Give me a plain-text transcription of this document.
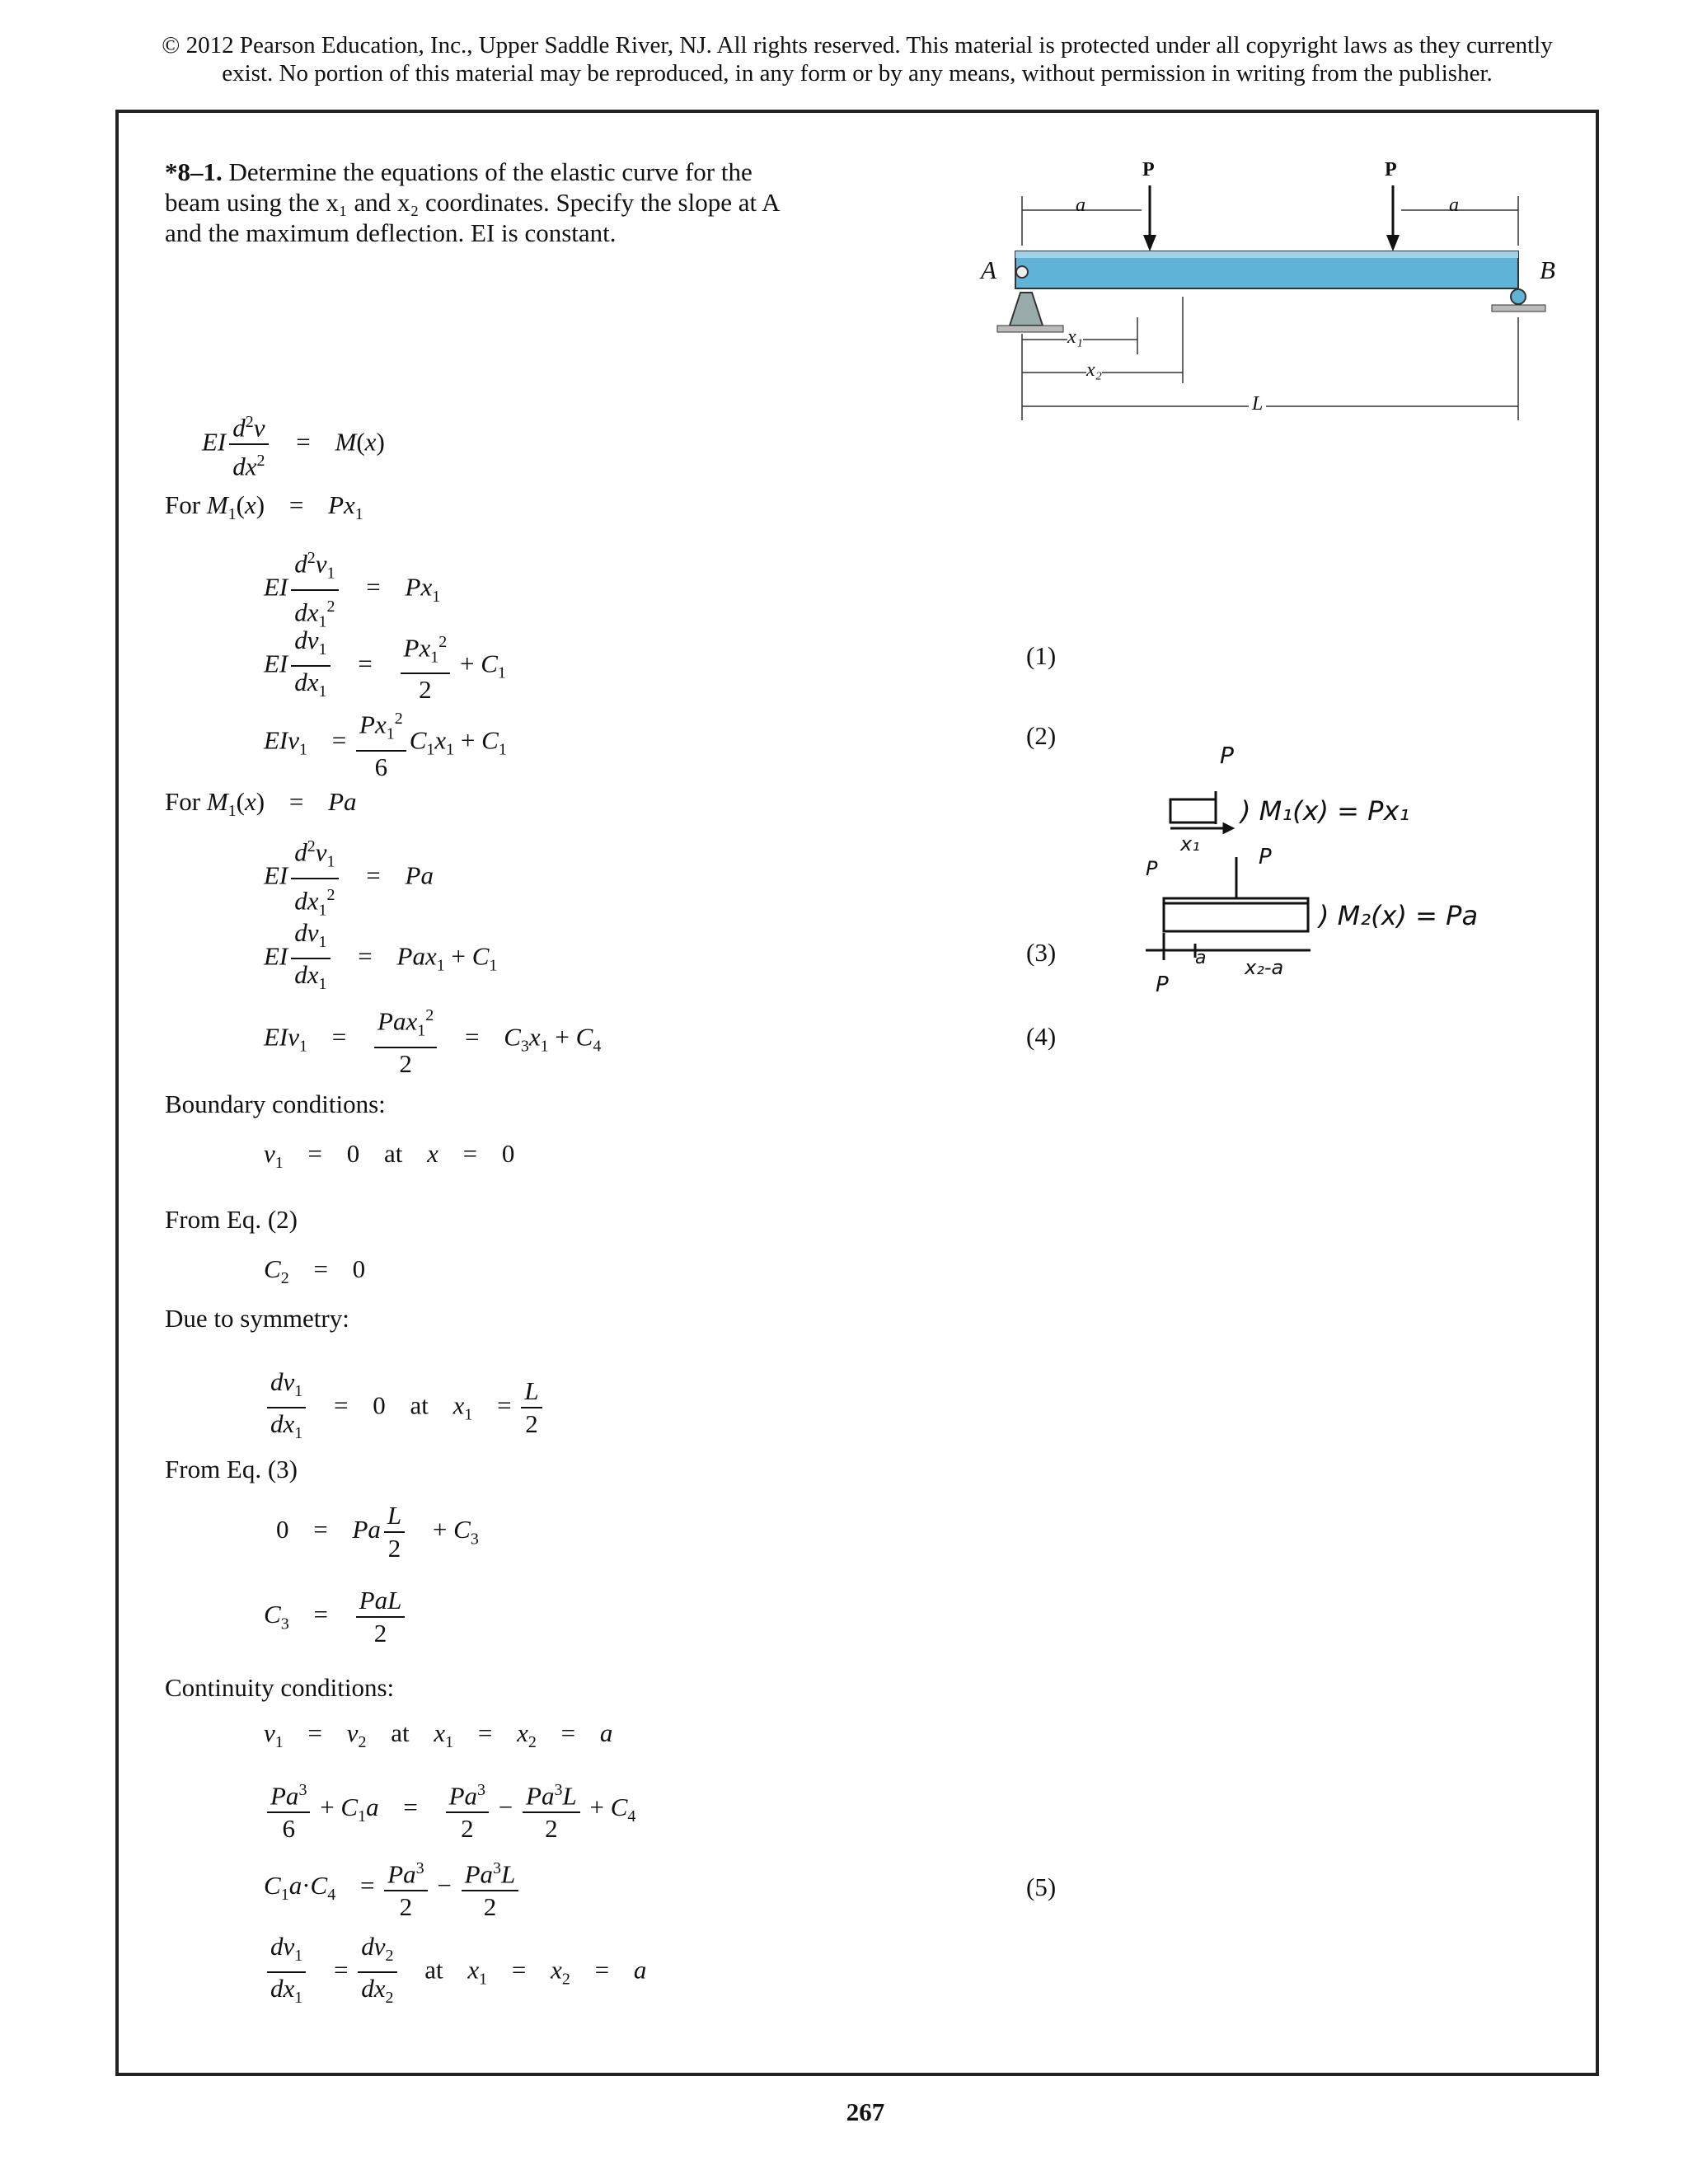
© 2012 Pearson Education, Inc., Upper Saddle River, NJ. All rights reserved. This material is protected under all copyright laws as they currently
exist. No portion of this material may be reproduced, in any form or by any means, without permission in writing from the publisher.
*8–1. Determine the equations of the elastic curve for the beam using the x₁ and x₂ coordinates. Specify the slope at A and the maximum deflection. EI is constant.
A	B
P	P
a	a
x₁
x₂
L
P
) M₁(x) = Px₁
x₁
P	P
) M₂(x) = Pa
a x₂-a
P
EI $\frac{d^2v}{dx^2} = M(x)$
For $M_1(x) = Px_1$
EI $\frac{d^2v_1}{dx_1^2} = Px_1$
EI $\frac{dv_1}{dx_1} = \frac{Px_1^2}{2} + C_1$
$EIv_1 = \frac{Px_1^2}{6} C_1x_1 + C_1$
For $M_1(x) = Pa$
EI $\frac{d^2v_1}{dx_1^2} = Pa$
EI $\frac{dv_1}{dx_1} = Pax_1 + C_1$
$EIv_1 = \frac{Pax_1^2}{2} = C_3x_1 + C_4$
(1)
(2)
(3)
(4)
(5)
Boundary conditions:
$v_1 = 0$ at x = 0
From Eq. (2)
$C_2 = 0$
Due to symmetry:
$\frac{dv_1}{dx_1} = 0$ at $x_1 = \frac{L}{2}$
From Eq. (3)
0 = Pa $\frac{L}{2} + C_3$
$C_3 = \frac{\text{PaL}}{2}$
Continuity conditions:
$v_1 = v_2$ at $x_1 = x_2 = a$
$\frac{Pa^3}{6} + C_1a = \frac{Pa^3}{2} - \frac{Pa^3L}{2} + C_4$
$C_1a\cdot C_4 = \frac{Pa^3}{2} - \frac{Pa^3L}{2}$
$\frac{dv_1}{dx_1} = \frac{dv_2}{dx_2}$ at $x_1 = x_2 = a$
267
